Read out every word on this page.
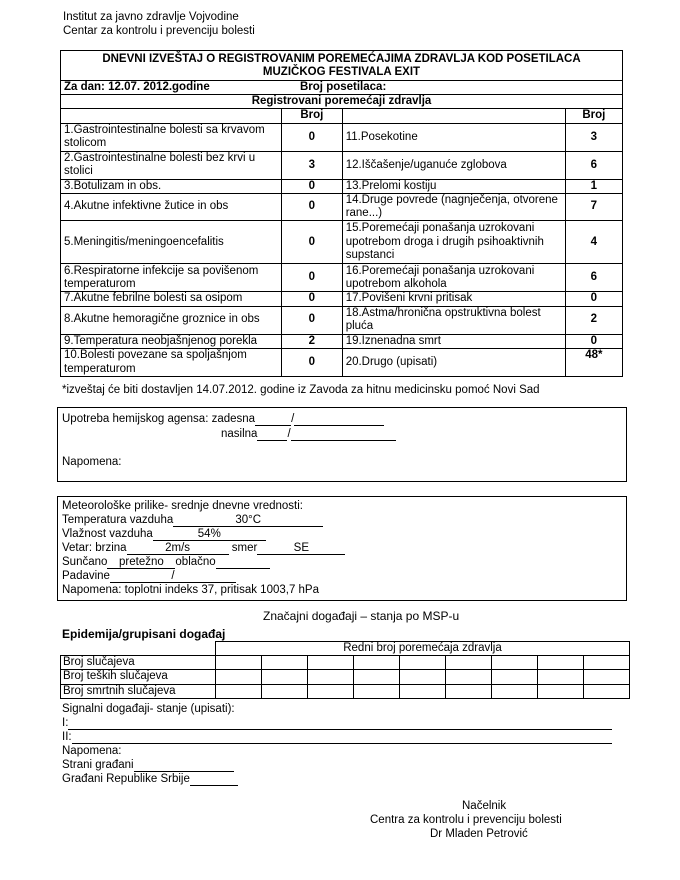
Institut za javno zdravlje Vojvodine
Centar za kontrolu i prevenciju bolesti
DNEVNI IZVEŠTAJ O REGISTROVANIM POREMEĆAJIMA ZDRAVLJA KOD POSETILACA
MUZIČKOG FESTIVALA EXIT
Za dan: 12.07. 2012.godine	Broj posetilaca:
Registrovani poremećaji zdravlja
	Broj		Broj
1.Gastrointestinalne bolesti sa krvavom stolicom	0	11.Posekotine	3
2.Gastrointestinalne bolesti bez krvi u stolici	3	12.Iščašenje/uganuće zglobova	6
3.Botulizam in obs.	0	13.Prelomi kostiju	1
4.Akutne infektivne žutice in obs	0	14.Druge povrede (nagnječenja, otvorene rane...)	7
5.Meningitis/meningoencefalitis	0	15.Poremećaji ponašanja uzrokovani upotrebom droga i drugih psihoaktivnih supstanci	4
6.Respiratorne infekcije sa povišenom temperaturom	0	16.Poremećaji ponašanja uzrokovani upotrebom alkohola	6
7.Akutne febrilne bolesti sa osipom	0	17.Povišeni krvni pritisak	0
8.Akutne hemoragične groznice in obs	0	18.Astma/hronična opstruktivna bolest pluća	2
9.Temperatura neobjašnjenog porekla	2	19.Iznenadna smrt	0
10.Bolesti povezane sa spoljašnjom temperaturom	0	20.Drugo (upisati)	48*
*izveštaj će biti dostavljen 14.07.2012. godine iz Zavoda za hitnu medicinsku pomoć Novi Sad
Upotreba hemijskog agensa: zadesna	/
nasilna	/
Napomena:
Meteorološke prilike- srednje dnevne vrednosti:
Temperatura vazduha	30°C
Vlažnost vazduha	54%
Vetar: brzina	2m/s	smer	SE
Sunčano pretežno oblačno
Padavine	/
Napomena: toplotni indeks 37, pritisak 1003,7 hPa
Značajni događaji – stanja po MSP-u
Epidemija/grupisani događaj
	Redni broj poremećaja zdravlja								
Broj slučajeva									
Broj teških slučajeva									
Broj smrtnih slučajeva									
Signalni događaji- stanje (upisati):
I:
II:
Napomena:
Strani građani
Građani Republike Srbije
Načelnik
Centra za kontrolu i prevenciju bolesti
Dr Mladen Petrović
